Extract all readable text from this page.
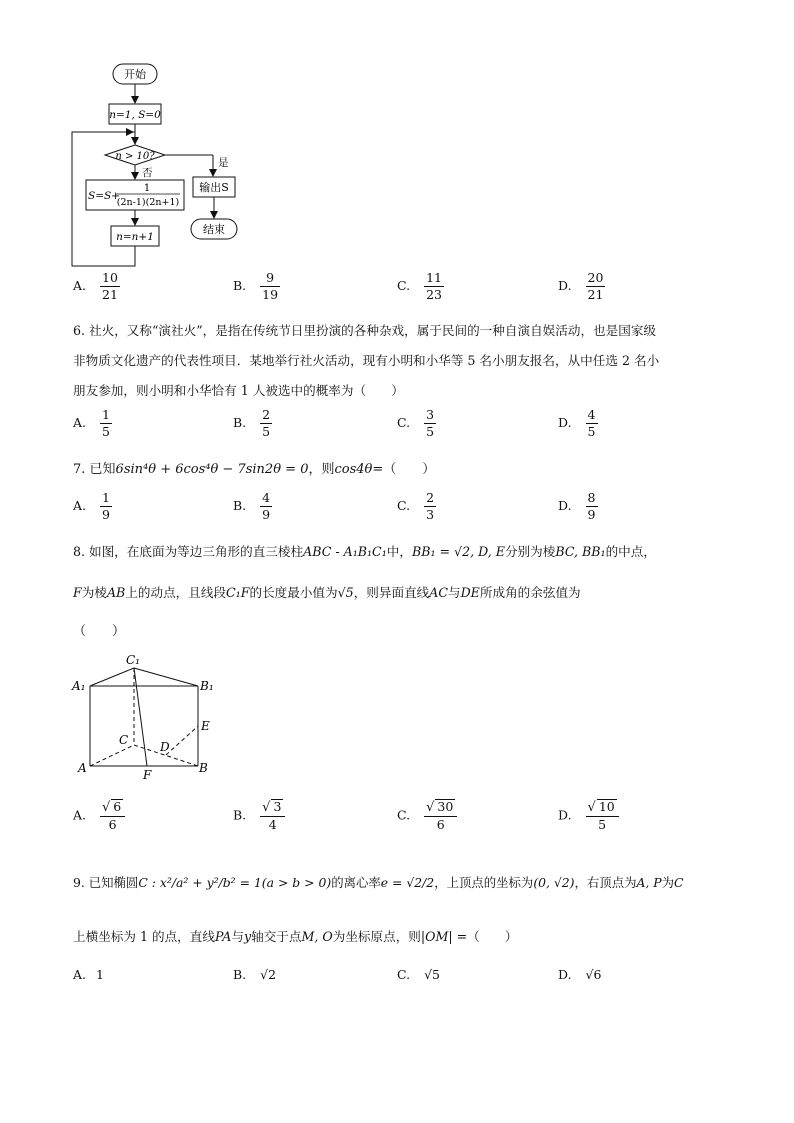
开始
n=1, S=0
n > 10?
是
输出S
结束
否
S=S+
1
(2n-1)(2n+1)
n=n+1
A. $\frac{10}{21}$	B. $\frac{9}{19}$	C. $\frac{11}{23}$	D. $\frac{20}{21}$
6. 社火，又称“演社火”，是指在传统节日里扮演的各种杂戏，属于民间的一种自演自娱活动，也是国家级
非物质文化遗产的代表性项目．某地举行社火活动，现有小明和小华等 5 名小朋友报名，从中任选 2 名小
朋友参加，则小明和小华恰有 1 人被选中的概率为（　　）
A. $\frac{1}{5}$	B. $\frac{2}{5}$	C. $\frac{3}{5}$	D. $\frac{4}{5}$
7. 已知6sin⁴θ + 6cos⁴θ − 7sin2θ = 0，则cos4θ=（　　）
A. $\frac{1}{9}$	B. $\frac{4}{9}$	C. $\frac{2}{3}$	D. $\frac{8}{9}$
8. 如图，在底面为等边三角形的直三棱柱ABC - A₁B₁C₁中，BB₁ = √2, D, E分别为棱BC, BB₁的中点，
F为棱AB上的动点，且线段C₁F的长度最小值为√5，则异面直线AC与DE所成角的余弦值为
（　　）
C₁
A₁	B₁
E
C	D
A	F	B
A. $\frac{√ 6}{6}$	B. $\frac{√ 3}{4}$	C. $\frac{√ 30}{6}$	D. $\frac{√ 10}{5}$
9. 已知椭圆C : x²/a² + y²/b² = 1(a > b > 0)的离心率e = √2/2，上顶点的坐标为(0, √2)，右顶点为A, P为C
上横坐标为 1 的点，直线PA与y轴交于点M, O为坐标原点，则|OM| =（　　）
A. 1	B. √2	C. √5	D. √6
